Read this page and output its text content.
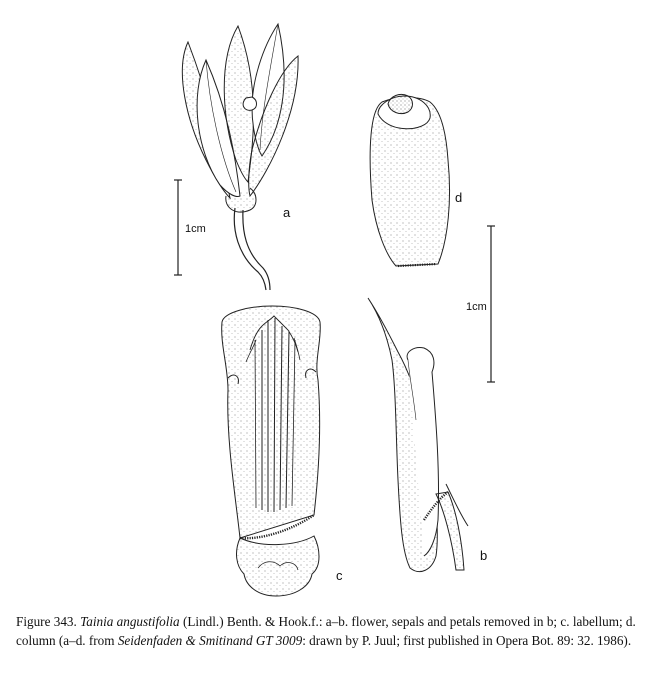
a
1cm
d
1cm
c
b
Figure 343. Tainia angustifolia (Lindl.) Benth. & Hook.f.: a–b. flower, sepals and petals removed in b; c. labellum; d. column (a–d. from Seidenfaden & Smitinand GT 3009: drawn by P. Juul; first published in Opera Bot. 89: 32. 1986).
